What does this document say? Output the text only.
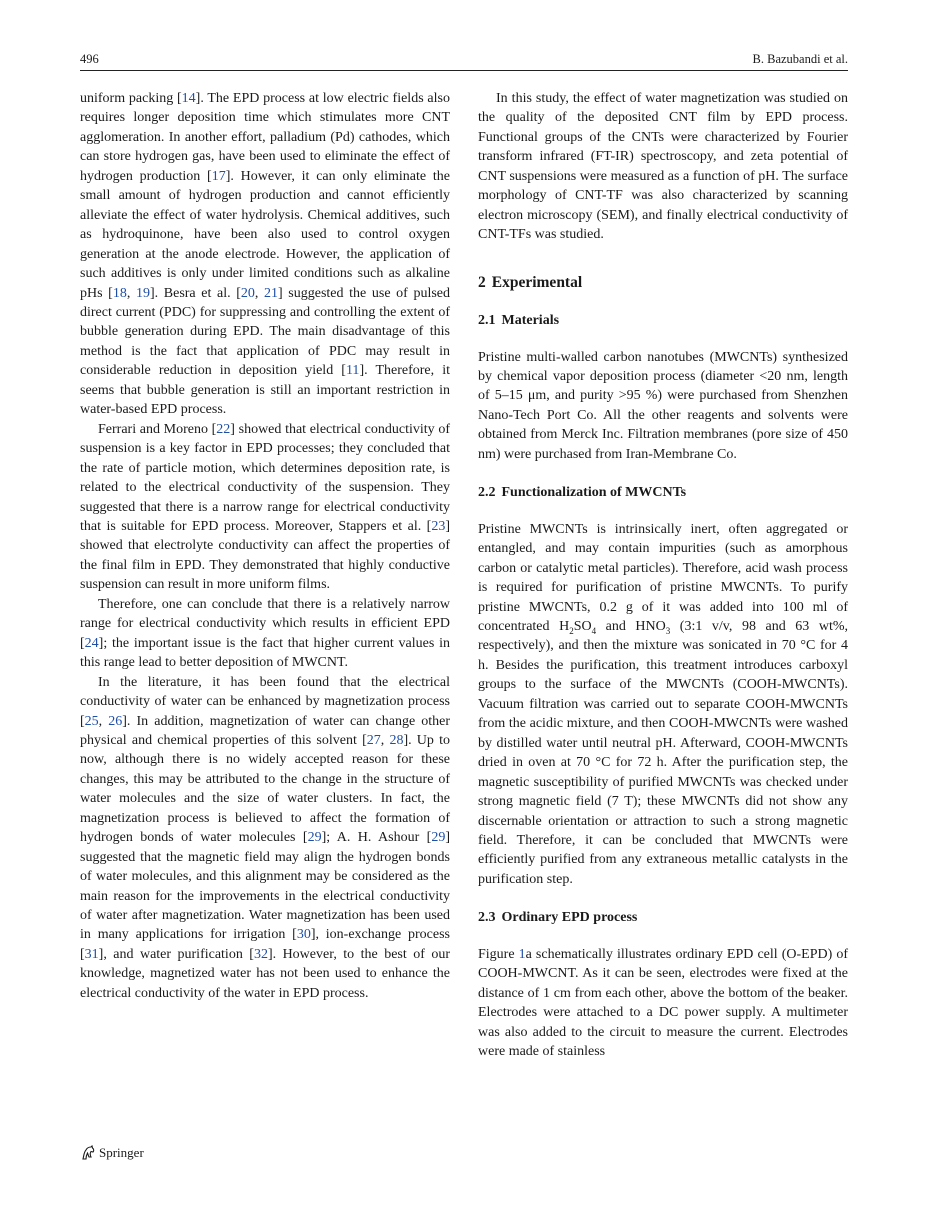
496	B. Bazubandi et al.

uniform packing [14]. The EPD process at low electric fields also requires longer deposition time which stimulates more CNT agglomeration. In another effort, palladium (Pd) cathodes, which can store hydrogen gas, have been used to eliminate the effect of hydrogen production [17]. However, it can only eliminate the small amount of hydrogen production and cannot efficiently alleviate the effect of water hydrolysis. Chemical additives, such as hydroquinone, have been also used to control oxygen generation at the anode electrode. However, the application of such additives is only under limited conditions such as alkaline pHs [18, 19]. Besra et al. [20, 21] suggested the use of pulsed direct current (PDC) for suppressing and controlling the extent of bubble generation during EPD. The main disadvantage of this method is the fact that application of PDC may result in considerable reduction in deposition yield [11]. Therefore, it seems that bubble generation is still an important restriction in water-based EPD process.

Ferrari and Moreno [22] showed that electrical conductivity of suspension is a key factor in EPD processes; they concluded that the rate of particle motion, which determines deposition rate, is related to the electrical conductivity of the suspension. They suggested that there is a narrow range for electrical conductivity that is suitable for EPD process. Moreover, Stappers et al. [23] showed that electrolyte conductivity can affect the properties of the final film in EPD. They demonstrated that highly conductive suspension can result in more uniform films.

Therefore, one can conclude that there is a relatively narrow range for electrical conductivity which results in efficient EPD [24]; the important issue is the fact that higher current values in this range lead to better deposition of MWCNT.

In the literature, it has been found that the electrical conductivity of water can be enhanced by magnetization process [25, 26]. In addition, magnetization of water can change other physical and chemical properties of this solvent [27, 28]. Up to now, although there is no widely accepted reason for these changes, this may be attributed to the change in the structure of water molecules and the size of water clusters. In fact, the magnetization process is believed to affect the formation of hydrogen bonds of water molecules [29]; A. H. Ashour [29] suggested that the magnetic field may align the hydrogen bonds of water molecules, and this alignment may be considered as the main reason for the improvements in the electrical conductivity of water after magnetization. Water magnetization has been used in many applications for irrigation [30], ion-exchange process [31], and water purification [32]. However, to the best of our knowledge, magnetized water has not been used to enhance the electrical conductivity of the water in EPD process.

In this study, the effect of water magnetization was studied on the quality of the deposited CNT film by EPD process. Functional groups of the CNTs were characterized by Fourier transform infrared (FT-IR) spectroscopy, and zeta potential of CNT suspensions were measured as a function of pH. The surface morphology of CNT-TF was also characterized by scanning electron microscopy (SEM), and finally electrical conductivity of CNT-TFs was studied.

2 Experimental
2.1 Materials

Pristine multi-walled carbon nanotubes (MWCNTs) synthesized by chemical vapor deposition process (diameter <20 nm, length of 5–15 μm, and purity >95 %) were purchased from Shenzhen Nano-Tech Port Co. All the other reagents and solvents were obtained from Merck Inc. Filtration membranes (pore size of 450 nm) were purchased from Iran-Membrane Co.

2.2 Functionalization of MWCNTs

Pristine MWCNTs is intrinsically inert, often aggregated or entangled, and may contain impurities (such as amorphous carbon or catalytic metal particles). Therefore, acid wash process is required for purification of pristine MWCNTs. To purify pristine MWCNTs, 0.2 g of it was added into 100 ml of concentrated $H_2SO_4$ and $HNO_3$ (3:1 v/v, 98 and 63 wt%, respectively), and then the mixture was sonicated in 70 °C for 4 h. Besides the purification, this treatment introduces carboxyl groups to the surface of the MWCNTs (COOH-MWCNTs). Vacuum filtration was carried out to separate COOH-MWCNTs from the acidic mixture, and then COOH-MWCNTs were washed by distilled water until neutral pH. Afterward, COOH-MWCNTs dried in oven at 70 °C for 72 h. After the purification step, the magnetic susceptibility of purified MWCNTs was checked under strong magnetic field (7 T); these MWCNTs did not show any discernable orientation or attraction to such a strong magnetic field. Therefore, it can be concluded that MWCNTs were efficiently purified from any extraneous metallic catalysts in the purification step.

2.3 Ordinary EPD process

Figure 1a schematically illustrates ordinary EPD cell (O-EPD) of COOH-MWCNT. As it can be seen, electrodes were fixed at the distance of 1 cm from each other, above the bottom of the beaker. Electrodes were attached to a DC power supply. A multimeter was also added to the circuit to measure the current. Electrodes were made of stainless

Springer
